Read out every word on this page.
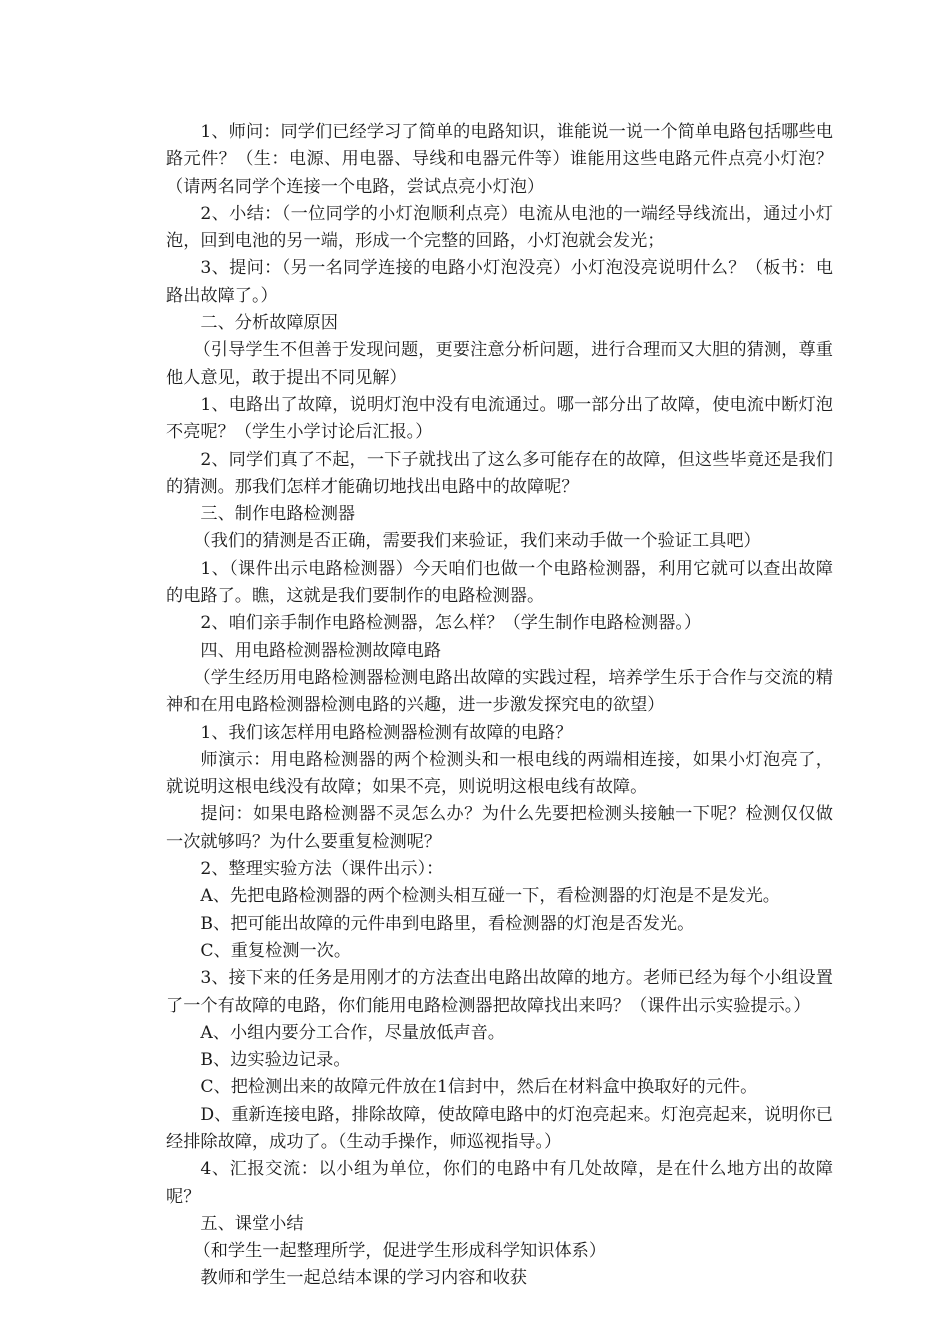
1、师问：同学们已经学习了简单的电路知识，谁能说一说一个简单电路包括哪些电路元件？（生：电源、用电器、导线和电器元件等）谁能用这些电路元件点亮小灯泡？（请两名同学个连接一个电路，尝试点亮小灯泡）

2、小结：（一位同学的小灯泡顺利点亮）电流从电池的一端经导线流出，通过小灯泡，回到电池的另一端，形成一个完整的回路，小灯泡就会发光；

3、提问：（另一名同学连接的电路小灯泡没亮）小灯泡没亮说明什么？（板书：电路出故障了。）

二、分析故障原因

（引导学生不但善于发现问题，更要注意分析问题，进行合理而又大胆的猜测，尊重他人意见，敢于提出不同见解）

1、电路出了故障，说明灯泡中没有电流通过。哪一部分出了故障，使电流中断灯泡不亮呢？（学生小学讨论后汇报。）

2、同学们真了不起，一下子就找出了这么多可能存在的故障，但这些毕竟还是我们的猜测。那我们怎样才能确切地找出电路中的故障呢？

三、制作电路检测器

（我们的猜测是否正确，需要我们来验证，我们来动手做一个验证工具吧）

1、（课件出示电路检测器）今天咱们也做一个电路检测器，利用它就可以查出故障的电路了。瞧，这就是我们要制作的电路检测器。

2、咱们亲手制作电路检测器，怎么样？（学生制作电路检测器。）

四、用电路检测器检测故障电路

（学生经历用电路检测器检测电路出故障的实践过程，培养学生乐于合作与交流的精神和在用电路检测器检测电路的兴趣，进一步激发探究电的欲望）

1、我们该怎样用电路检测器检测有故障的电路？

师演示：用电路检测器的两个检测头和一根电线的两端相连接，如果小灯泡亮了，就说明这根电线没有故障；如果不亮，则说明这根电线有故障。

提问：如果电路检测器不灵怎么办？为什么先要把检测头接触一下呢？检测仅仅做一次就够吗？为什么要重复检测呢？

2、整理实验方法（课件出示）：

A、先把电路检测器的两个检测头相互碰一下，看检测器的灯泡是不是发光。

B、把可能出故障的元件串到电路里，看检测器的灯泡是否发光。

C、重复检测一次。

3、接下来的任务是用刚才的方法查出电路出故障的地方。老师已经为每个小组设置了一个有故障的电路，你们能用电路检测器把故障找出来吗？（课件出示实验提示。）

A、小组内要分工合作，尽量放低声音。

B、边实验边记录。

C、把检测出来的故障元件放在1信封中，然后在材料盒中换取好的元件。

D、重新连接电路，排除故障，使故障电路中的灯泡亮起来。灯泡亮起来，说明你已经排除故障，成功了。（生动手操作，师巡视指导。）

4、汇报交流：以小组为单位，你们的电路中有几处故障，是在什么地方出的故障呢？

五、课堂小结

（和学生一起整理所学，促进学生形成科学知识体系）

教师和学生一起总结本课的学习内容和收获
